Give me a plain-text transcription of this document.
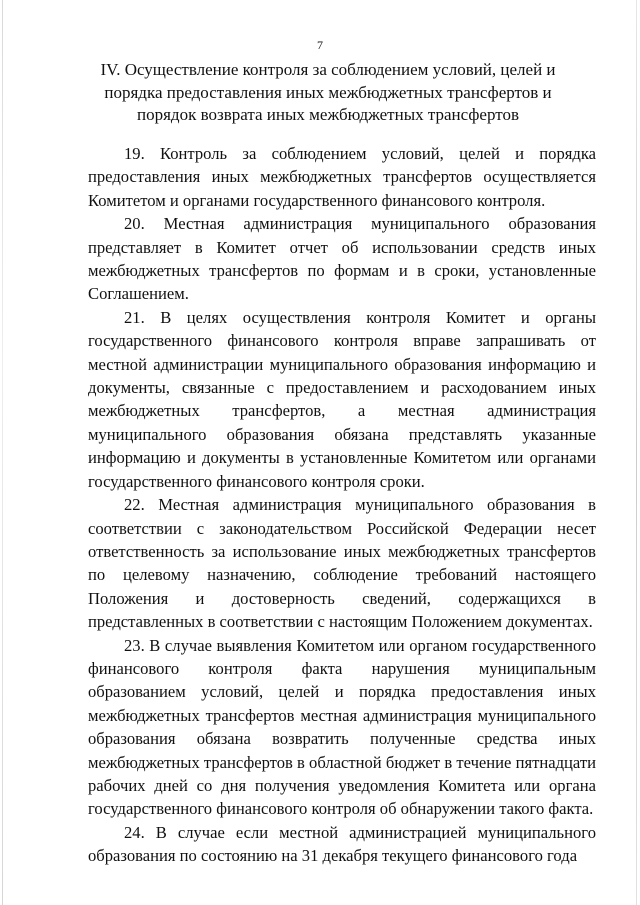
7
IV. Осуществление контроля за соблюдением условий, целей и порядка предоставления иных межбюджетных трансфертов и порядок возврата иных межбюджетных трансфертов

19. Контроль за соблюдением условий, целей и порядка предоставления иных межбюджетных трансфертов осуществляется Комитетом и органами государственного финансового контроля.

20. Местная администрация муниципального образования представляет в Комитет отчет об использовании средств иных межбюджетных трансфертов по формам и в сроки, установленные Соглашением.

21. В целях осуществления контроля Комитет и органы государственного финансового контроля вправе запрашивать от местной администрации муниципального образования информацию и документы, связанные с предоставлением и расходованием иных межбюджетных трансфертов, а местная администрация муниципального образования обязана представлять указанные информацию и документы в установленные Комитетом или органами государственного финансового контроля сроки.

22. Местная администрация муниципального образования в соответствии с законодательством Российской Федерации несет ответственность за использование иных межбюджетных трансфертов по целевому назначению, соблюдение требований настоящего Положения и достоверность сведений, содержащихся в представленных в соответствии с настоящим Положением документах.

23. В случае выявления Комитетом или органом государственного финансового контроля факта нарушения муниципальным образованием условий, целей и порядка предоставления иных межбюджетных трансфертов местная администрация муниципального образования обязана возвратить полученные средства иных межбюджетных трансфертов в областной бюджет в течение пятнадцати рабочих дней со дня получения уведомления Комитета или органа государственного финансового контроля об обнаружении такого факта.

24. В случае если местной администрацией муниципального образования по состоянию на 31 декабря текущего финансового года
